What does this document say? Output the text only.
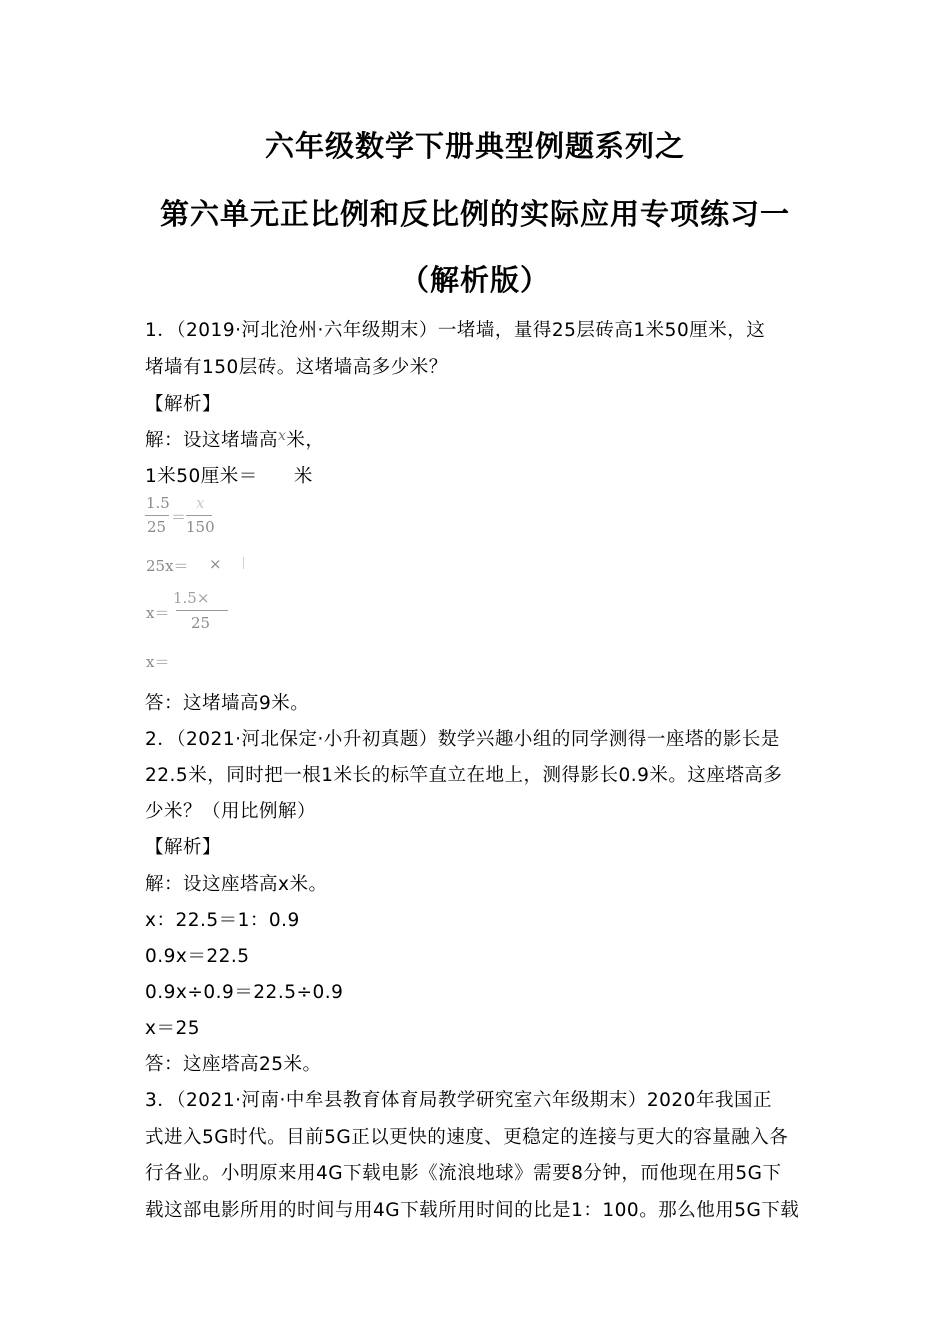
六年级数学下册典型例题系列之
第六单元正比例和反比例的实际应用专项练习一
（解析版）
1．（2019·河北沧州·六年级期末）一堵墙，量得25层砖高1米50厘米，这
堵墙有150层砖。这堵墙高多少米？
【解析】
解：设这堵墙高$^x$米，
1米50厘米＝ 米
1.5
25
＝
x
150
25x＝ ×
x＝
1.5×
25
x＝
答：这堵墙高9米。
2．（2021·河北保定·小升初真题）数学兴趣小组的同学测得一座塔的影长是
22.5米，同时把一根1米长的标竿直立在地上，测得影长0.9米。这座塔高多
少米？（用比例解）
【解析】
解：设这座塔高x米。
x：22.5＝1：0.9
0.9x＝22.5
0.9x÷0.9＝22.5÷0.9
x＝25
答：这座塔高25米。
3．（2021·河南·中牟县教育体育局教学研究室六年级期末）2020年我国正
式进入5G时代。目前5G正以更快的速度、更稳定的连接与更大的容量融入各
行各业。小明原来用4G下载电影《流浪地球》需要8分钟，而他现在用5G下
载这部电影所用的时间与用4G下载所用时间的比是1：100。那么他用5G下载
